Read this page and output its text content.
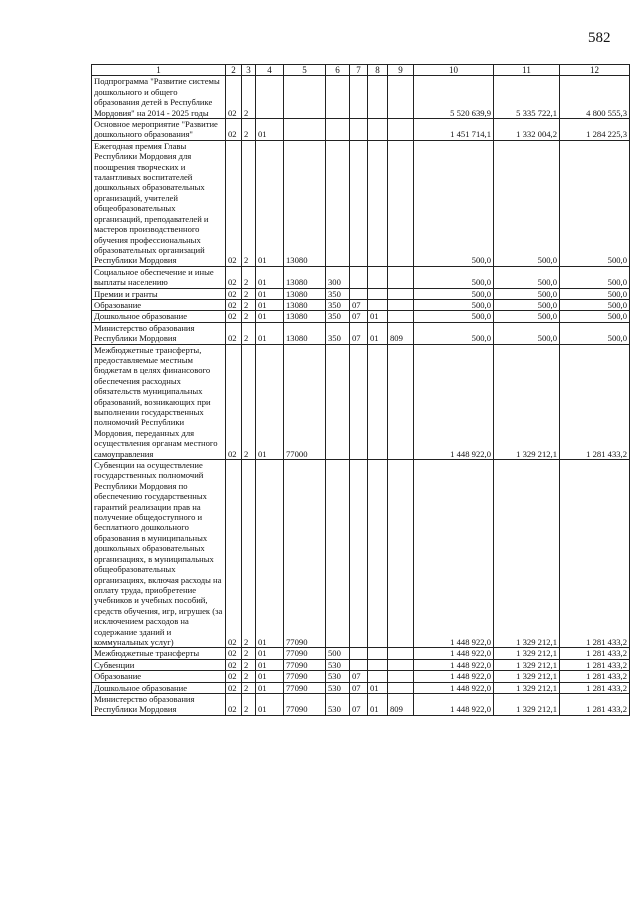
582
1	2	3	4	5	6	7	8	9	10	11	12
Подпрограмма "Развитие системы дошкольного и общего образования детей в Республике Мордовия" на 2014 - 2025 годы	02	2							5 520 639,9	5 335 722,1	4 800 555,3
Основное мероприятие "Развитие дошкольного образования"	02	2	01						1 451 714,1	1 332 004,2	1 284 225,3
Ежегодная премия Главы Республики Мордовия для поощрения творческих и талантливых воспитателей дошкольных образовательных организаций, учителей общеобразовательных организаций, преподавателей и мастеров производственного обучения профессиональных образовательных организаций Республики Мордовия	02	2	01	13080					500,0	500,0	500,0
Социальное обеспечение и иные выплаты населению	02	2	01	13080	300				500,0	500,0	500,0
Премии и гранты	02	2	01	13080	350				500,0	500,0	500,0
Образование	02	2	01	13080	350	07			500,0	500,0	500,0
Дошкольное образование	02	2	01	13080	350	07	01		500,0	500,0	500,0
Министерство образования Республики Мордовия	02	2	01	13080	350	07	01	809	500,0	500,0	500,0
Межбюджетные трансферты, предоставляемые местным бюджетам в целях финансового обеспечения расходных обязательств муниципальных образований, возникающих при выполнении государственных полномочий Республики Мордовия, переданных для осуществления органам местного самоуправления	02	2	01	77000					1 448 922,0	1 329 212,1	1 281 433,2
Субвенции на осуществление государственных полномочий Республики Мордовия по обеспечению государственных гарантий реализации прав на получение общедоступного и бесплатного дошкольного образования в муниципальных дошкольных образовательных организациях, в муниципальных общеобразовательных организациях, включая расходы на оплату труда, приобретение учебников и учебных пособий, средств обучения, игр, игрушек (за исключением расходов на содержание зданий и коммунальных услуг)	02	2	01	77090					1 448 922,0	1 329 212,1	1 281 433,2
Межбюджетные трансферты	02	2	01	77090	500				1 448 922,0	1 329 212,1	1 281 433,2
Субвенции	02	2	01	77090	530				1 448 922,0	1 329 212,1	1 281 433,2
Образование	02	2	01	77090	530	07			1 448 922,0	1 329 212,1	1 281 433,2
Дошкольное образование	02	2	01	77090	530	07	01		1 448 922,0	1 329 212,1	1 281 433,2
Министерство образования Республики Мордовия	02	2	01	77090	530	07	01	809	1 448 922,0	1 329 212,1	1 281 433,2
